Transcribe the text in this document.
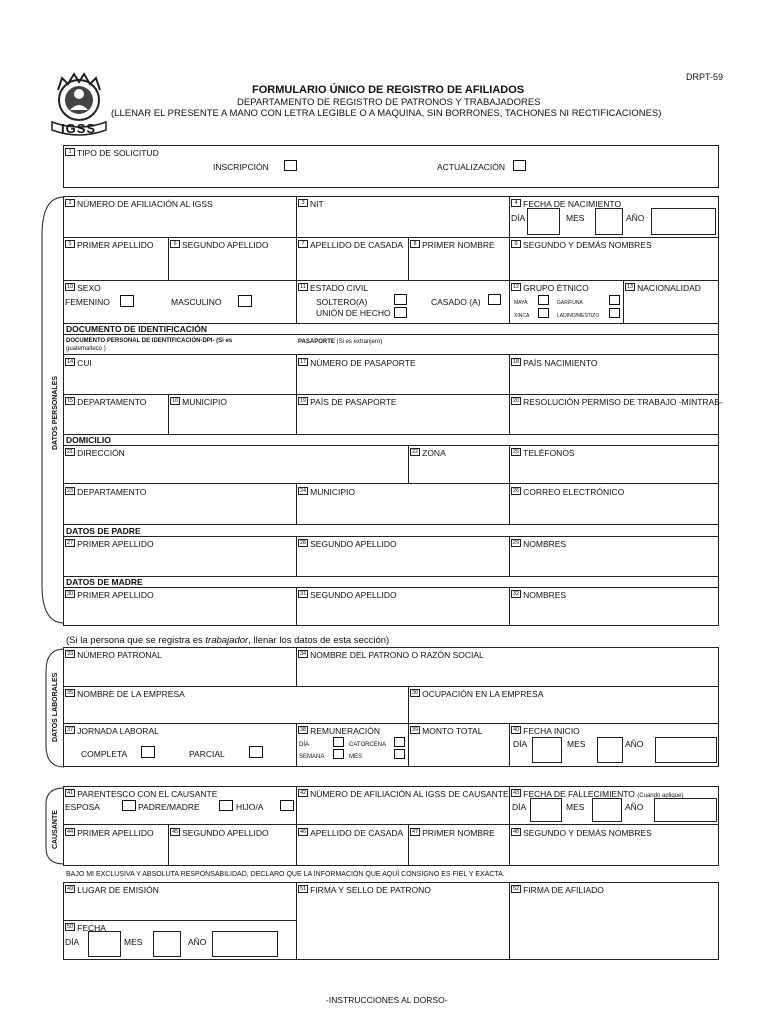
IGSS
DRPT-59
FORMULARIO ÚNICO DE REGISTRO DE AFILIADOS
DEPARTAMENTO DE REGISTRO DE PATRONOS Y TRABAJADORES
(LLENAR EL PRESENTE A MANO CON LETRA LEGIBLE O A MAQUINA, SIN BORRONES, TACHONES NI RECTIFICACIONES)
1 TIPO DE SOLICITUD
INSCRIPCIÓN	ACTUALIZACIÓN
DATOS PERSONALES
2 NÚMERO DE AFILIACIÓN AL IGSS	3 NIT	4 FECHA DE NACIMIENTO
DÍA	MES	AÑO
5 PRIMER APELLIDO	6 SEGUNDO APELLIDO	7 APELLIDO DE CASADA	8 PRIMER NOMBRE	9 SEGUNDO Y DEMÁS NOMBRES
10 SEXO
FEMENINO	MASCULINO
11 ESTADO CIVIL
SOLTERO(A)	CASADO (A)
UNIÓN DE HECHO
12 GRUPO ÉTNICO
MAYA	GARÍFUNA
XINCA	LADINO/MESTIZO
13 NACIONALIDAD
DOCUMENTO DE IDENTIFICACIÓN
DOCUMENTO PERSONAL DE IDENTIFICACIÓN-DPI- (Si es
guatemalteco )
PASAPORTE (Si es extranjero)
14 CUI	17 NÚMERO DE PASAPORTE	18 PAÍS NACIMIENTO
15 DEPARTAMENTO	16 MUNICIPIO	19 PAÍS DE PASAPORTE	20 RESOLUCIÓN PERMISO DE TRABAJO -MINTRAB-
DOMICILIO
21 DIRECCIÓN	22 ZONA	25 TELÉFONOS
23 DEPARTAMENTO	24 MUNICIPIO	26 CORREO ELECTRÓNICO
DATOS DE PADRE
27 PRIMER APELLIDO	28 SEGUNDO APELLIDO	29 NOMBRES
DATOS DE MADRE
30 PRIMER APELLIDO	31 SEGUNDO APELLIDO	32 NOMBRES
(Si la persona que se registra es trabajador, llenar los datos de esta sección)
DATOS LABORALES
33 NÚMERO PATRONAL	34 NOMBRE DEL PATRONO O RAZÓN SOCIAL
35 NOMBRE DE LA EMPRESA	36 OCUPACIÓN EN LA EMPRESA
37 JORNADA LABORAL
COMPLETA	PARCIAL
38 REMUNERACIÓN
DÍA	CATORCENA
SEMANA	MES
39 MONTO TOTAL	40 FECHA INICIO
DÍA	MES	AÑO
CAUSANTE
41 PARENTESCO CON EL CAUSANTE
ESPOSA	PADRE/MADRE	HIJO/A
42 NÚMERO DE AFILIACIÓN AL IGSS DE CAUSANTE 43 FECHA DE FALLECIMIENTO (Cuando aplique)
DÍA	MES	AÑO
44 PRIMER APELLIDO	45 SEGUNDO APELLIDO	46 APELLIDO DE CASADA	47 PRIMER NOMBRE	48 SEGUNDO Y DEMÁS NOMBRES
BAJO MI EXCLUSIVA Y ABSOLUTA RESPONSABILIDAD, DECLARO QUE LA INFORMACIÓN QUE AQUÍ CONSIGNO ES FIEL Y EXACTA.
49 LUGAR DE EMISIÓN
50 FECHA
DÍA	MES	AÑO
51 FIRMA Y SELLO DE PATRONO	52 FIRMA DE AFILIADO
-INSTRUCCIONES AL DORSO-
